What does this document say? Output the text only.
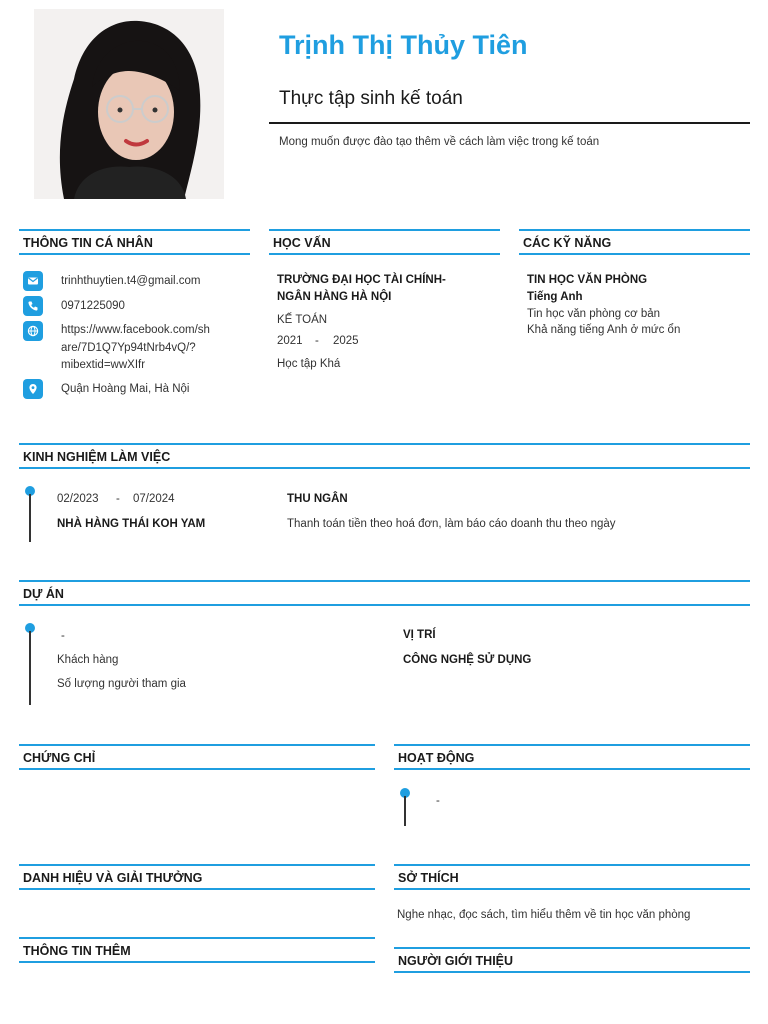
Trịnh Thị Thủy Tiên
Thực tập sinh kế toán
Mong muốn được đào tạo thêm về cách làm việc trong kế toán
THÔNG TIN CÁ NHÂN
trinhthuytien.t4@gmail.com
0971225090
https://www.facebook.com/sh
are/7D1Q7Yp94tNrb4vQ/?
mibextid=wwXIfr
Quận Hoàng Mai, Hà Nội
HỌC VẤN
TRƯỜNG ĐẠI HỌC TÀI CHÍNH-
NGÂN HÀNG HÀ NỘI
KẾ TOÁN
2021 - 2025
Học tập Khá
CÁC KỸ NĂNG
TIN HỌC VĂN PHÒNG
Tiếng Anh
Tin học văn phòng cơ bản
Khả năng tiếng Anh ở mức ổn
KINH NGHIỆM LÀM VIỆC
02/2023 - 07/2024
NHÀ HÀNG THÁI KOH YAM
THU NGÂN
Thanh toán tiền theo hoá đơn, làm báo cáo doanh thu theo ngày
DỰ ÁN
-
Khách hàng
Số lượng người tham gia
VỊ TRÍ
CÔNG NGHỆ SỬ DỤNG
CHỨNG CHỈ	HOẠT ĐỘNG
-
DANH HIỆU VÀ GIẢI THƯỞNG	SỞ THÍCH
Nghe nhạc, đọc sách, tìm hiểu thêm về tin học văn phòng
THÔNG TIN THÊM
NGƯỜI GIỚI THIỆU
